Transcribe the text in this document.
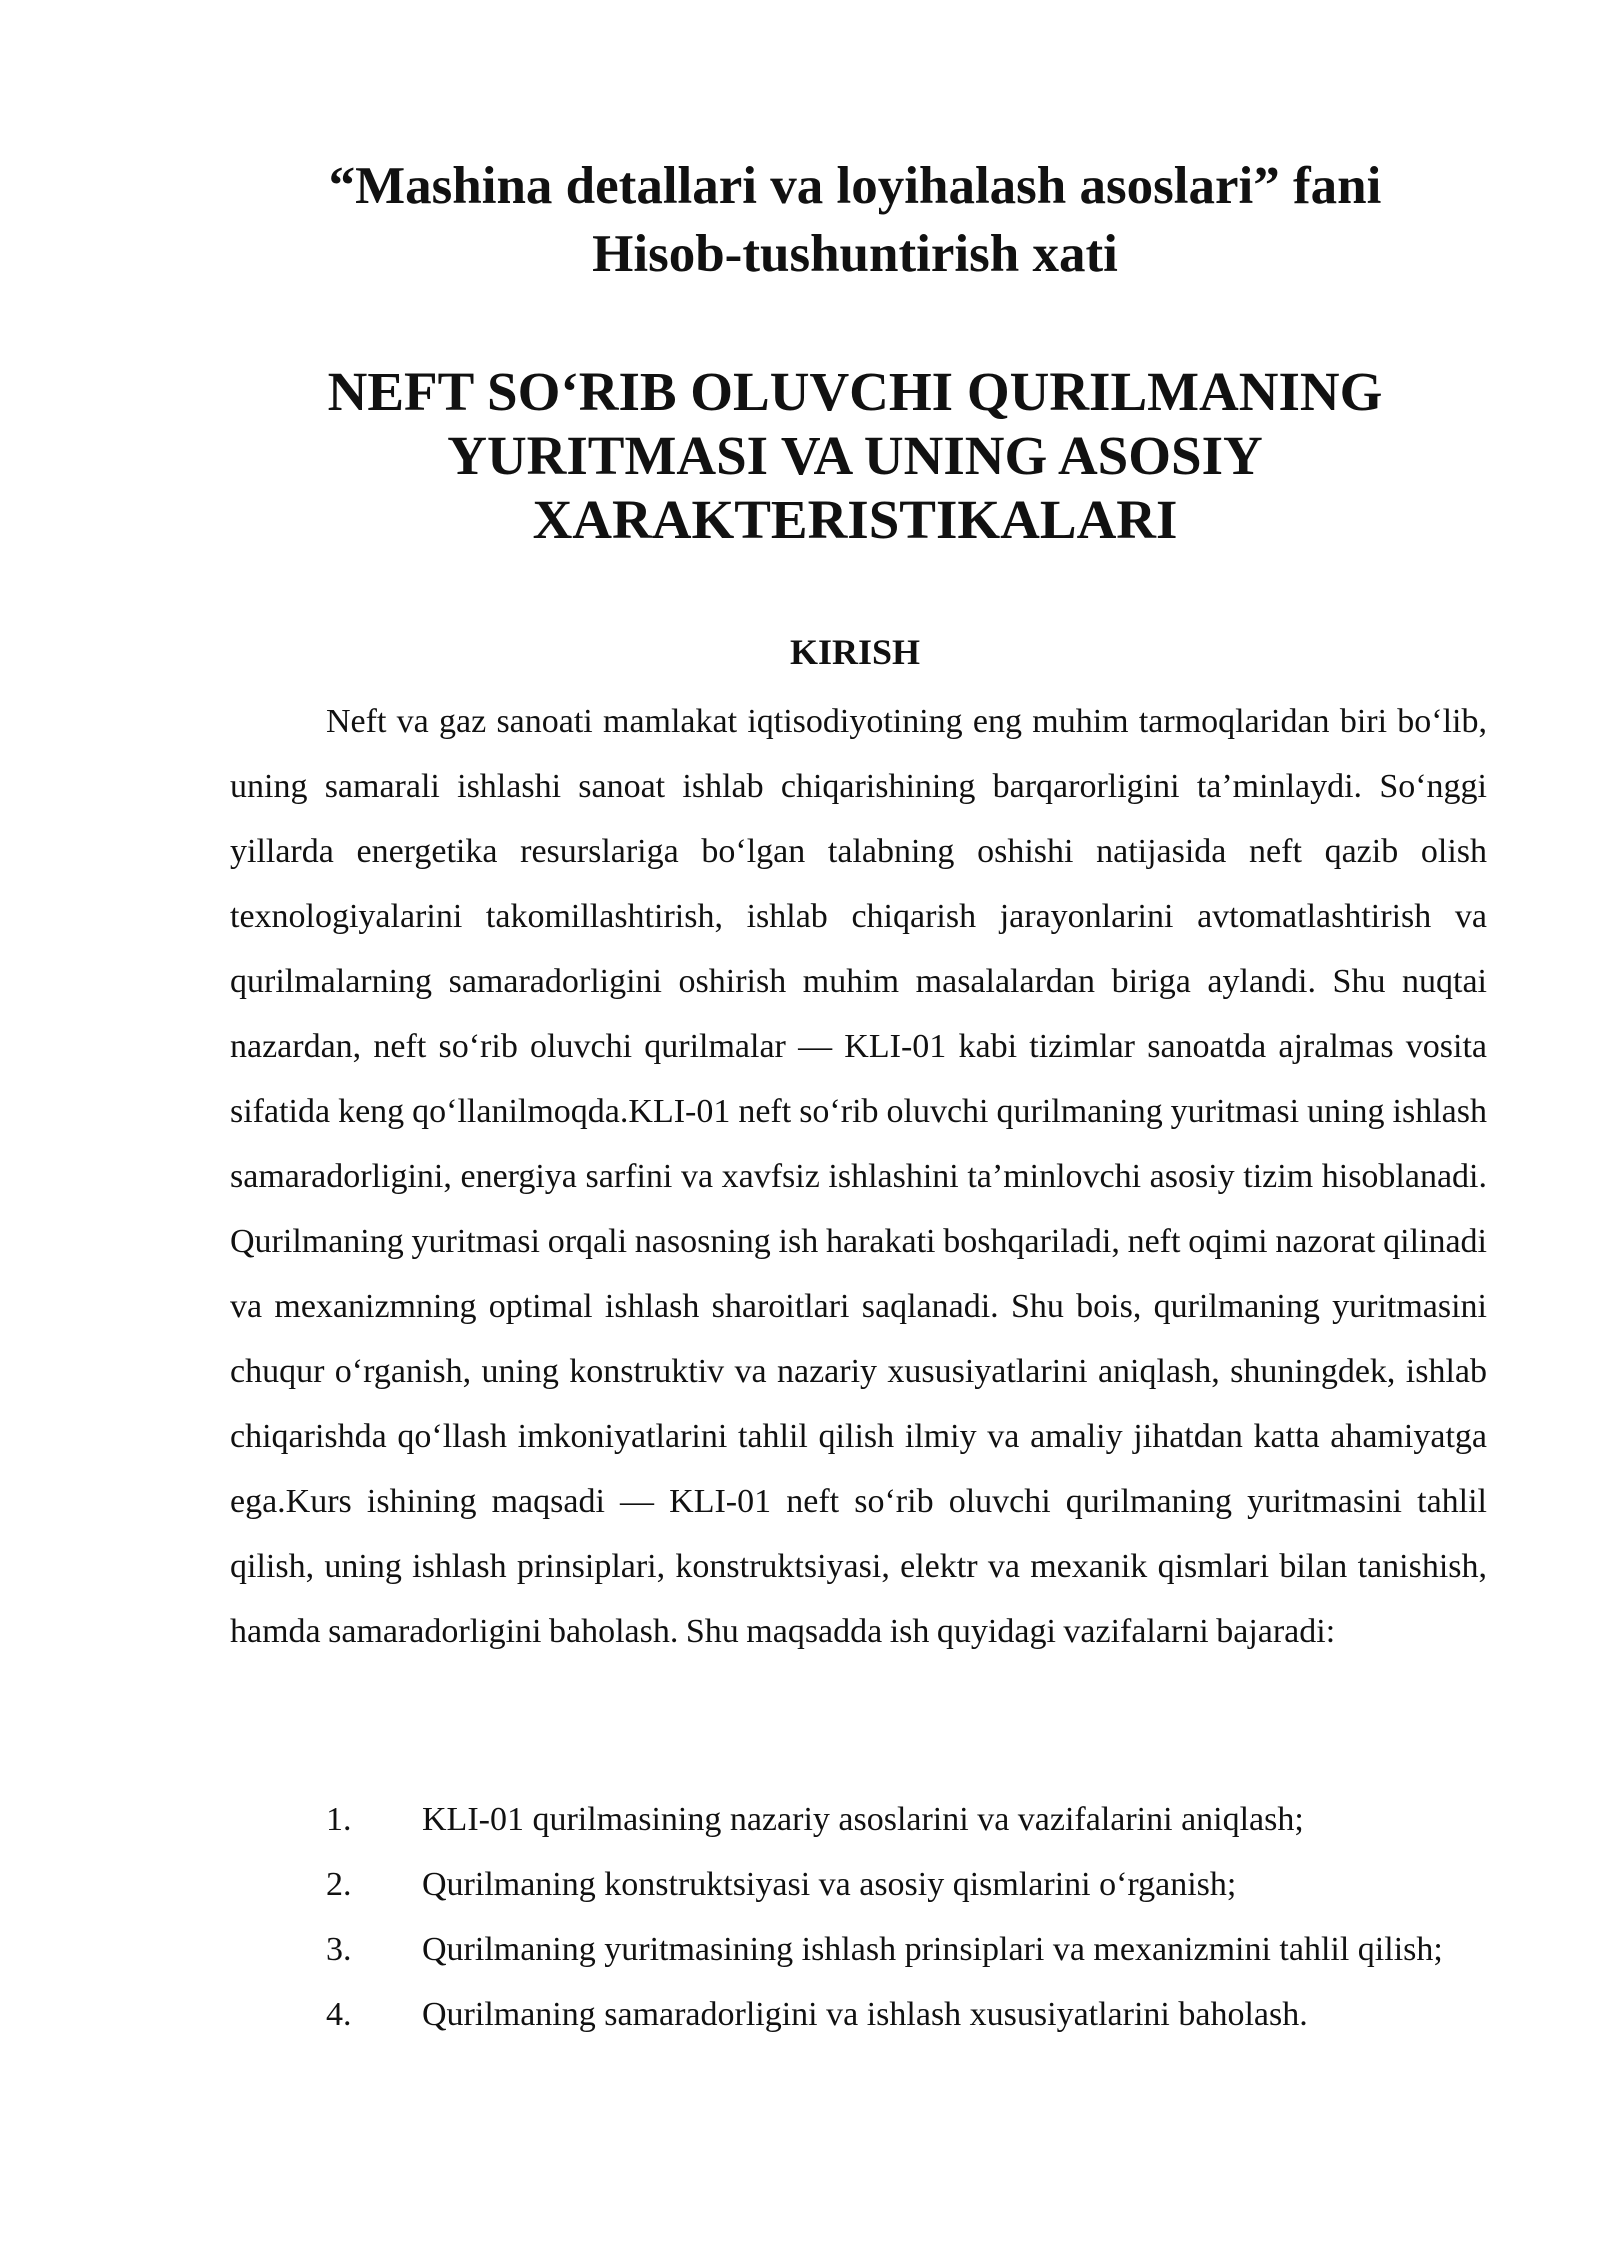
“Mashina detallari va loyihalash asoslari” fani
Hisob-tushuntirish xati
NEFT SO‘RIB OLUVCHI QURILMANING
YURITMASI VA UNING ASOSIY
XARAKTERISTIKALARI
KIRISH

Neft va gaz sanoati mamlakat iqtisodiyotining eng muhim tarmoqlaridan biri bo‘lib, uning samarali ishlashi sanoat ishlab chiqarishining barqarorligini ta’minlaydi. So‘nggi yillarda energetika resurslariga bo‘lgan talabning oshishi natijasida neft qazib olish texnologiyalarini takomillashtirish, ishlab chiqarish jarayonlarini avtomatlashtirish va qurilmalarning samaradorligini oshirish muhim masalalardan biriga aylandi. Shu nuqtai nazardan, neft so‘rib oluvchi qurilmalar — KLI-01 kabi tizimlar sanoatda ajralmas vosita sifatida keng qo‘llanilmoqda.KLI-01 neft so‘rib oluvchi qurilmaning yuritmasi uning ishlash samaradorligini, energiya sarfini va xavfsiz ishlashini ta’minlovchi asosiy tizim hisoblanadi. Qurilmaning yuritmasi orqali nasosning ish harakati boshqariladi, neft oqimi nazorat qilinadi va mexanizmning optimal ishlash sharoitlari saqlanadi. Shu bois, qurilmaning yuritmasini chuqur o‘rganish, uning konstruktiv va nazariy xususiyatlarini aniqlash, shuningdek, ishlab chiqarishda qo‘llash imkoniyatlarini tahlil qilish ilmiy va amaliy jihatdan katta ahamiyatga ega.Kurs ishining maqsadi — KLI-01 neft so‘rib oluvchi qurilmaning yuritmasini tahlil qilish, uning ishlash prinsiplari, konstruktsiyasi, elektr va mexanik qismlari bilan tanishish, hamda samaradorligini baholash. Shu maqsadda ish quyidagi vazifalarni bajaradi:

1. KLI-01 qurilmasining nazariy asoslarini va vazifalarini aniqlash;
2. Qurilmaning konstruktsiyasi va asosiy qismlarini o‘rganish;
3. Qurilmaning yuritmasining ishlash prinsiplari va mexanizmini tahlil qilish;
4. Qurilmaning samaradorligini va ishlash xususiyatlarini baholash.
